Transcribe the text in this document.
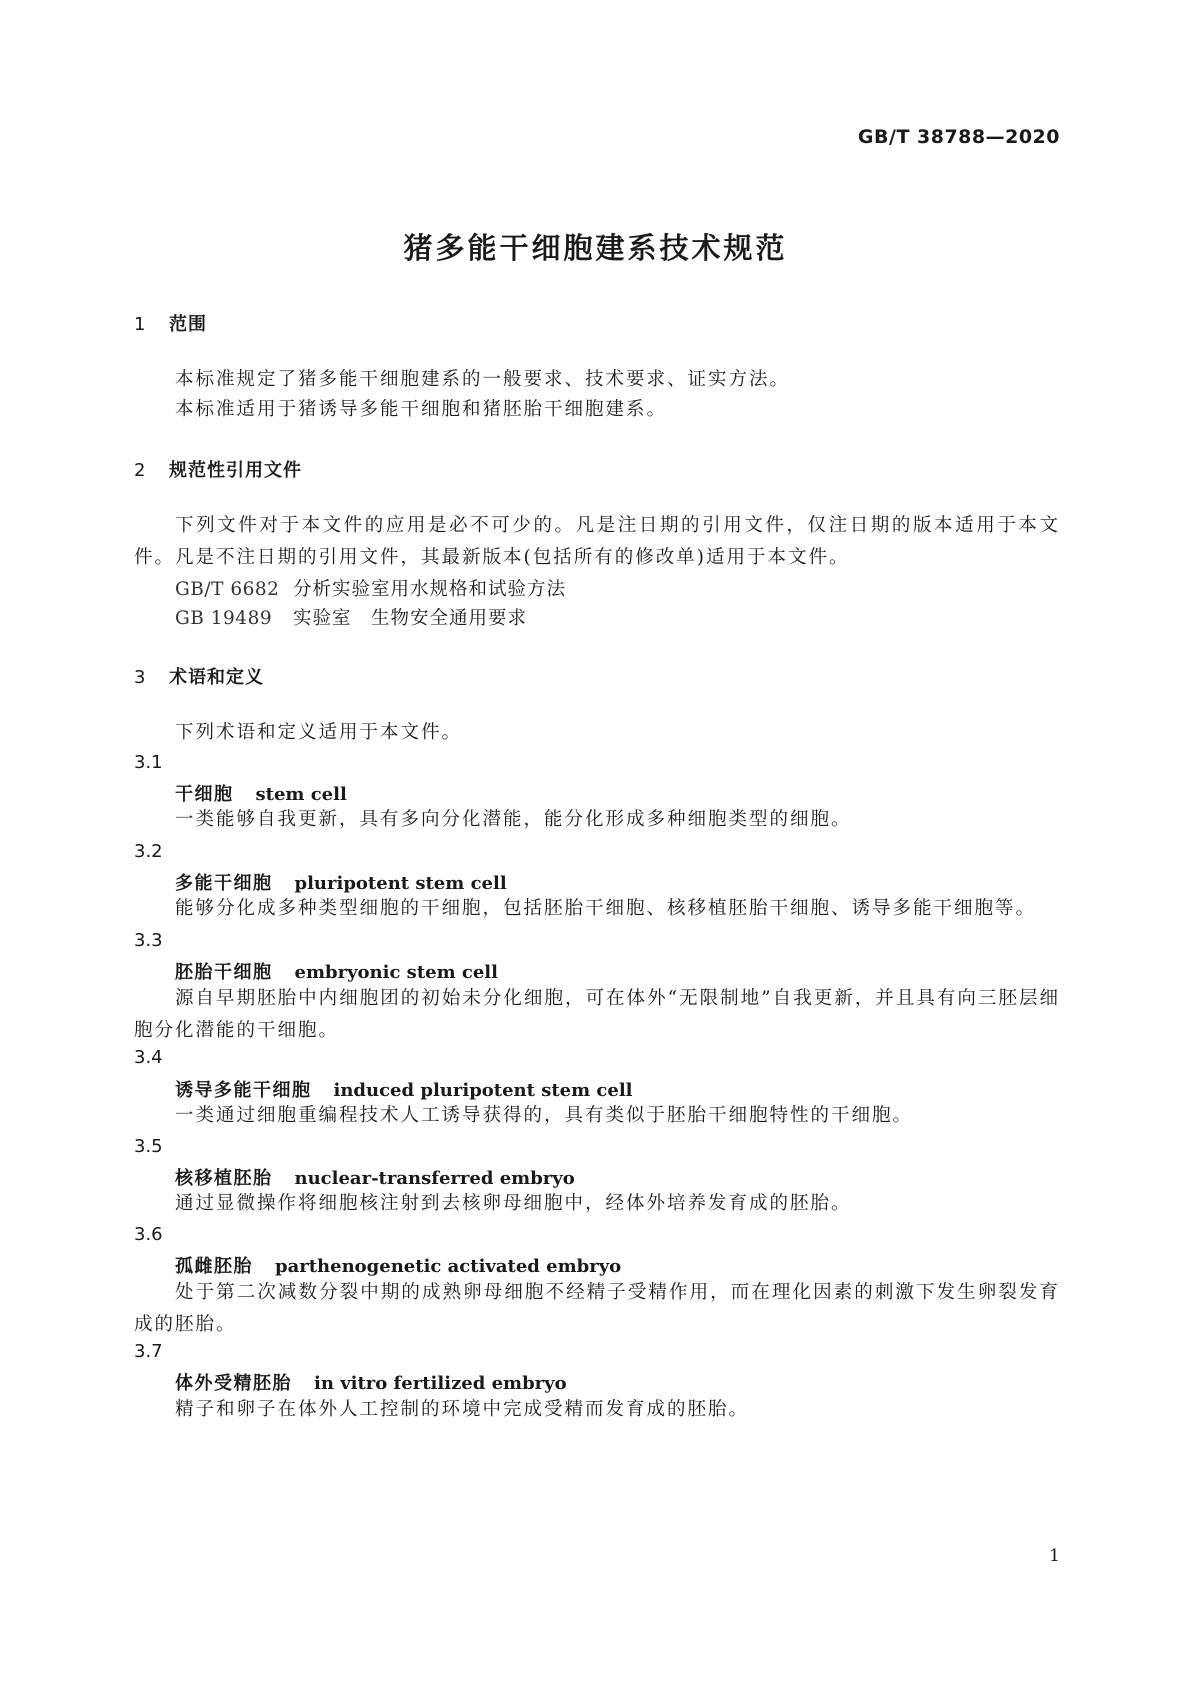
GB/T 38788—2020
猪多能干细胞建系技术规范
1 范围
本标准规定了猪多能干细胞建系的一般要求、技术要求、证实方法。
本标准适用于猪诱导多能干细胞和猪胚胎干细胞建系。
2 规范性引用文件
下列文件对于本文件的应用是必不可少的。凡是注日期的引用文件，仅注日期的版本适用于本文件。凡是不注日期的引用文件，其最新版本(包括所有的修改单)适用于本文件。
GB/T 6682 分析实验室用水规格和试验方法
GB 19489 实验室　生物安全通用要求
3 术语和定义
下列术语和定义适用于本文件。
3.1
干细胞 stem cell
一类能够自我更新，具有多向分化潜能，能分化形成多种细胞类型的细胞。
3.2
多能干细胞 pluripotent stem cell
能够分化成多种类型细胞的干细胞，包括胚胎干细胞、核移植胚胎干细胞、诱导多能干细胞等。
3.3
胚胎干细胞 embryonic stem cell
源自早期胚胎中内细胞团的初始未分化细胞，可在体外“无限制地”自我更新，并且具有向三胚层细胞分化潜能的干细胞。
3.4
诱导多能干细胞 induced pluripotent stem cell
一类通过细胞重编程技术人工诱导获得的，具有类似于胚胎干细胞特性的干细胞。
3.5
核移植胚胎 nuclear-transferred embryo
通过显微操作将细胞核注射到去核卵母细胞中，经体外培养发育成的胚胎。
3.6
孤雌胚胎 parthenogenetic activated embryo
处于第二次减数分裂中期的成熟卵母细胞不经精子受精作用，而在理化因素的刺激下发生卵裂发育成的胚胎。
3.7
体外受精胚胎 in vitro fertilized embryo
精子和卵子在体外人工控制的环境中完成受精而发育成的胚胎。
1
